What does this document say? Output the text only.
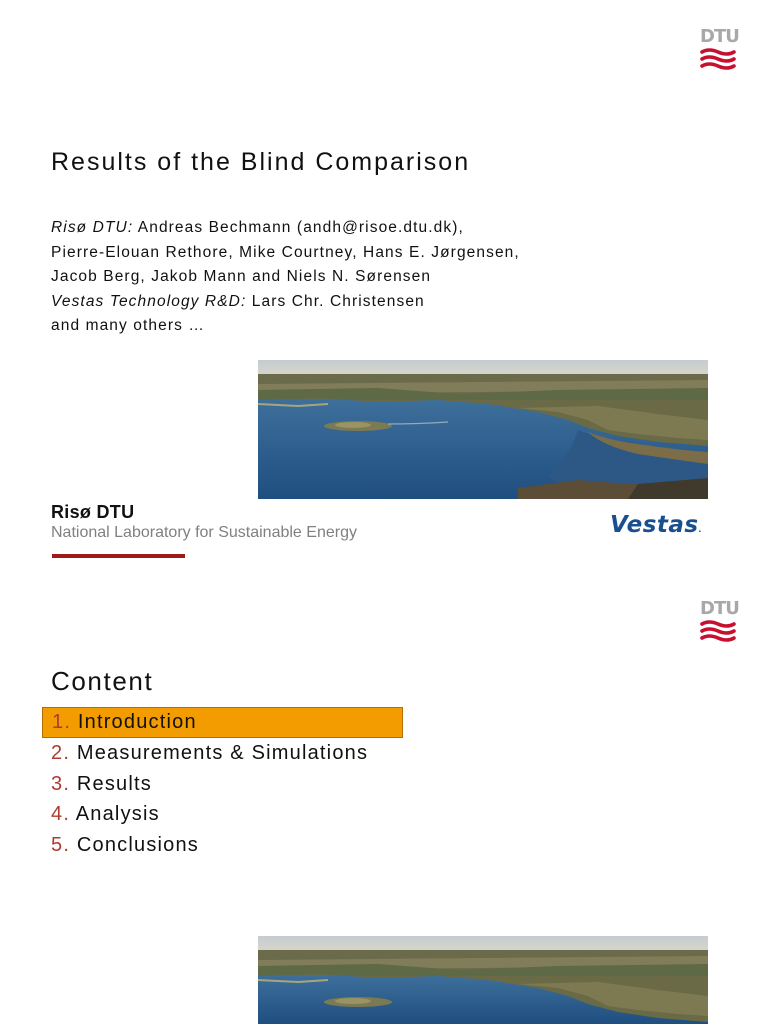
DTU
Results of the Blind Comparison
Risø DTU: Andreas Bechmann (andh@risoe.dtu.dk),
Pierre-Elouan Rethore, Mike Courtney, Hans E. Jørgensen,
Jacob Berg, Jakob Mann and Niels N. Sørensen
Vestas Technology R&D: Lars Chr. Christensen
and many others …
Risø DTU
National Laboratory for Sustainable Energy	Vestas.
DTU
Content
1. Introduction
2. Measurements & Simulations
3. Results
4. Analysis
5. Conclusions
